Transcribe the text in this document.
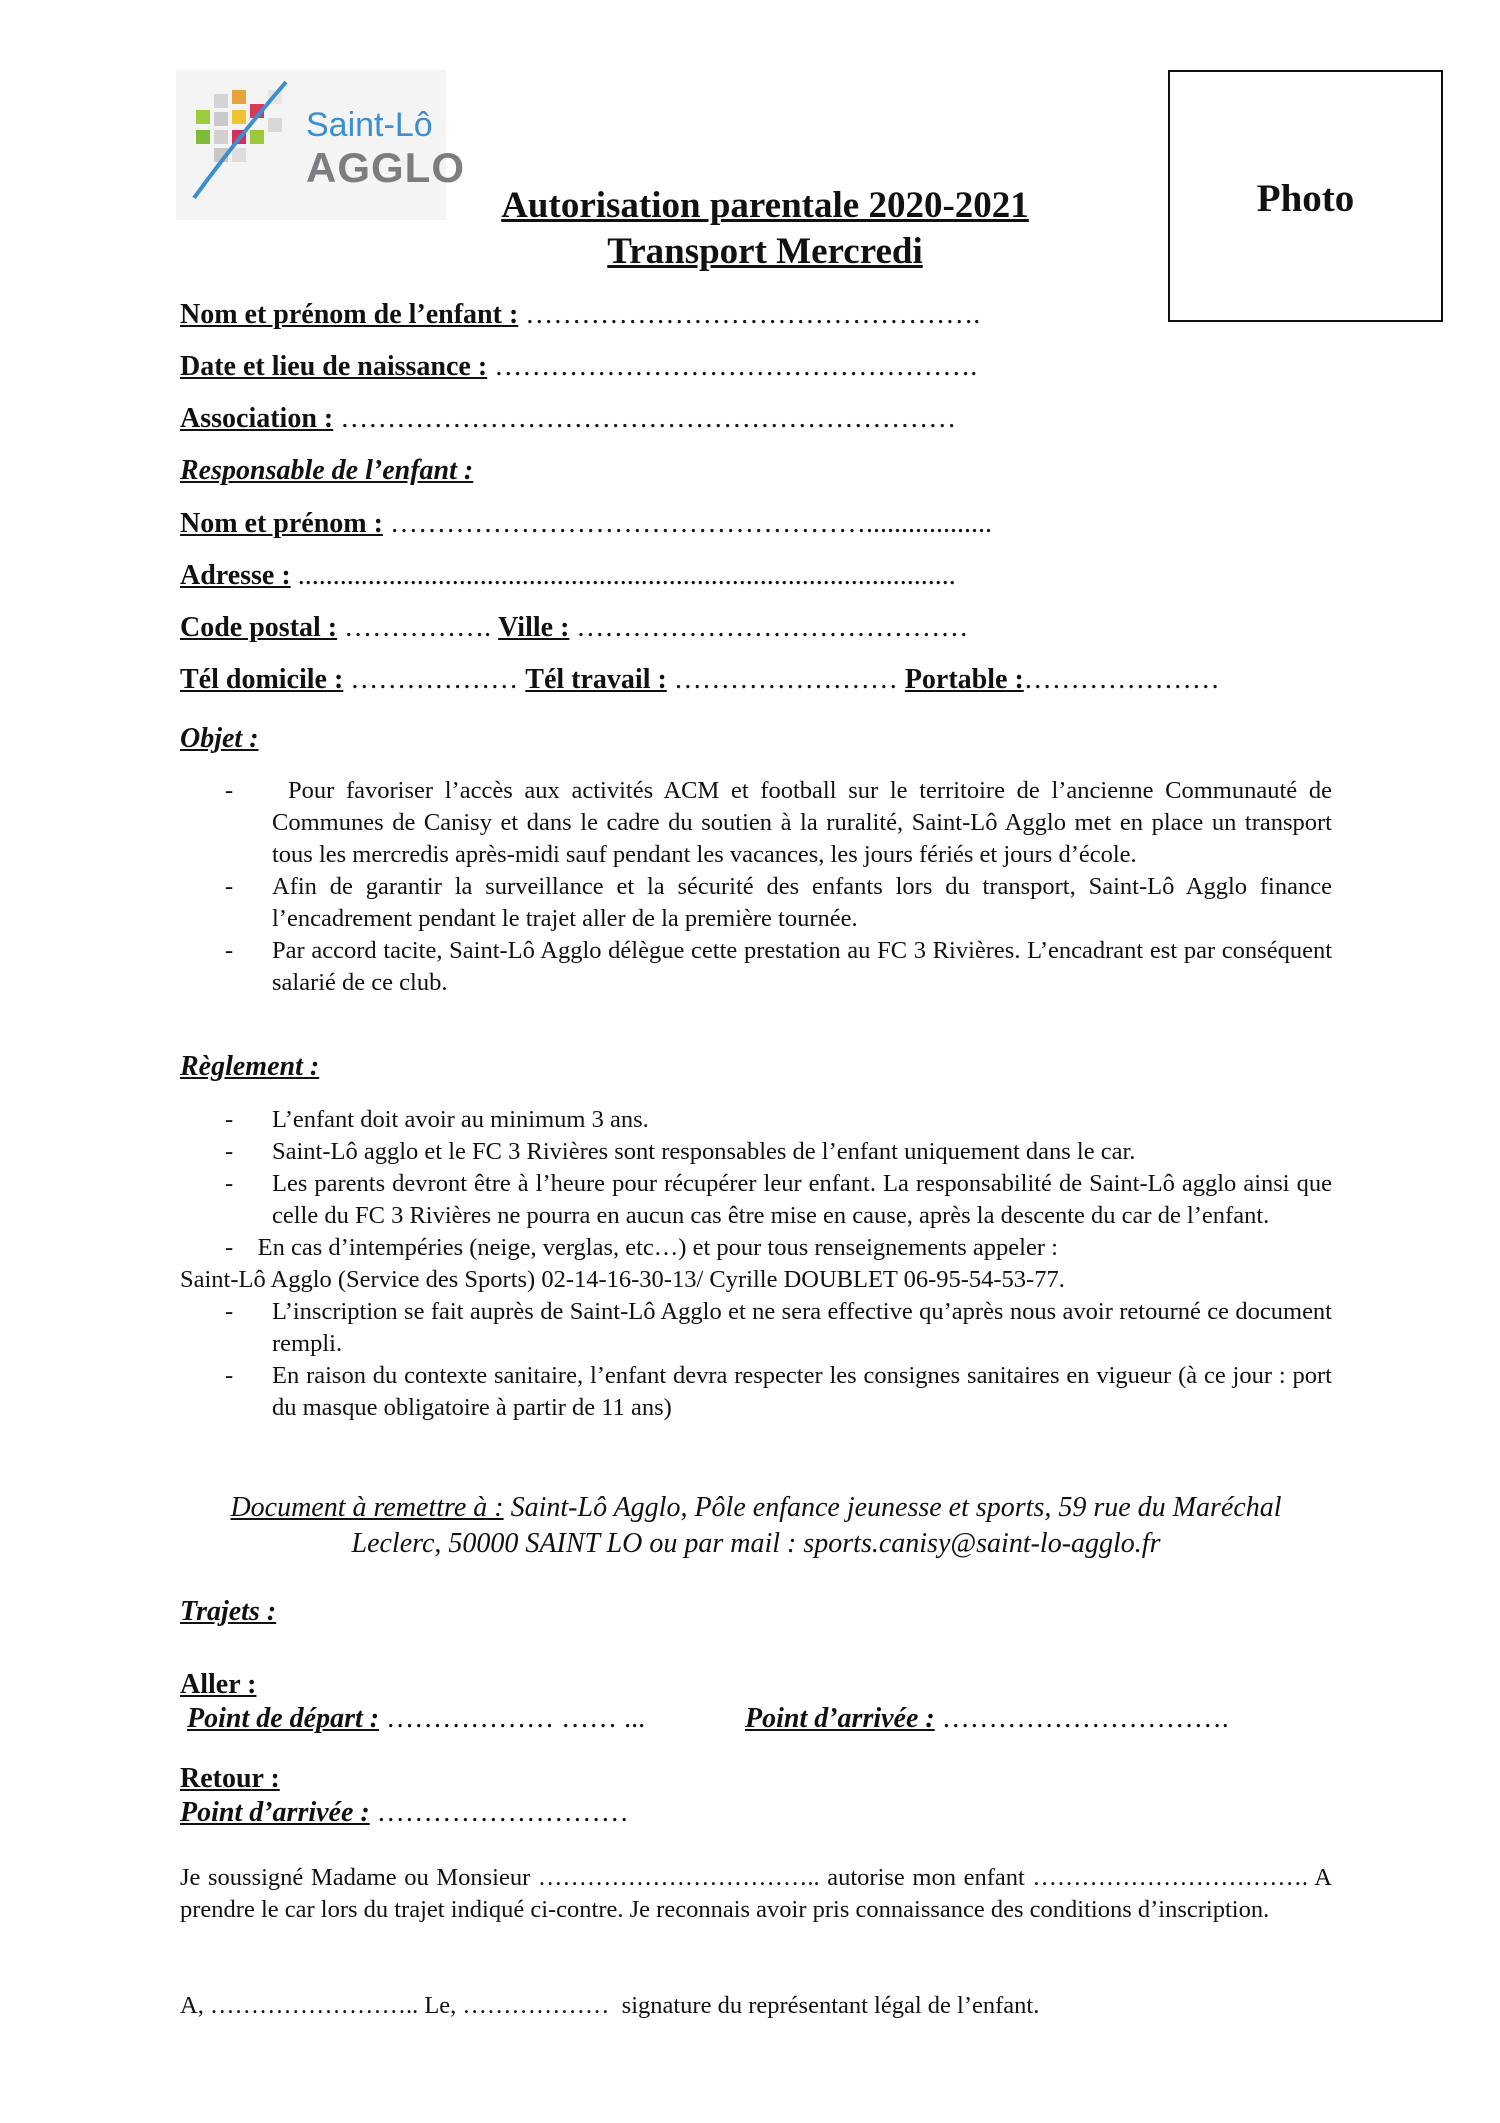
Saint-Lô
AGGLO
Photo
Autorisation parentale 2020-2021
Transport Mercredi
Nom et prénom de l’enfant : ………………………………………….
Date et lieu de naissance : …………………………………………….
Association : …………………………………………………………
Responsable de l’enfant :
Nom et prénom : ……………………………………………..................
Adresse : ..............................................................................................
Code postal : ……………. Ville : ……………………………………
Tél domicile : ……………… Tél travail : …………………… Portable :…………………
Objet :
- Pour favoriser l’accès aux activités ACM et football sur le territoire de l’ancienne Communauté de Communes de Canisy et dans le cadre du soutien à la ruralité, Saint-Lô Agglo met en place un transport tous les mercredis après-midi sauf pendant les vacances, les jours fériés et jours d’école.
- Afin de garantir la surveillance et la sécurité des enfants lors du transport, Saint-Lô Agglo finance l’encadrement pendant le trajet aller de la première tournée.
- Par accord tacite, Saint-Lô Agglo délègue cette prestation au FC 3 Rivières. L’encadrant est par conséquent salarié de ce club.
Règlement :
- L’enfant doit avoir au minimum 3 ans.
- Saint-Lô agglo et le FC 3 Rivières sont responsables de l’enfant uniquement dans le car.
- Les parents devront être à l’heure pour récupérer leur enfant. La responsabilité de Saint-Lô agglo ainsi que celle du FC 3 Rivières ne pourra en aucun cas être mise en cause, après la descente du car de l’enfant.
-    En cas d’intempéries (neige, verglas, etc…) et pour tous renseignements appeler :
Saint-Lô Agglo (Service des Sports) 02-14-16-30-13/ Cyrille DOUBLET 06-95-54-53-77.
- L’inscription se fait auprès de Saint-Lô Agglo et ne sera effective qu’après nous avoir retourné ce document rempli.
- En raison du contexte sanitaire, l’enfant devra respecter les consignes sanitaires en vigueur (à ce jour : port du masque obligatoire à partir de 11 ans)
Document à remettre à : Saint-Lô Agglo, Pôle enfance jeunesse et sports, 59 rue du Maréchal
Leclerc, 50000 SAINT LO ou par mail : sports.canisy@saint-lo-agglo.fr
Trajets :
Aller :
Point de départ : ……………… …… ...	Point d’arrivée : ………………………….
Retour :
Point d’arrivée : ………………………
Je soussigné Madame ou Monsieur …………………………….. autorise mon enfant ……………………………. A prendre le car lors du trajet indiqué ci-contre. Je reconnais avoir pris connaissance des conditions d’inscription.
A, …………………….. Le, ………………  signature du représentant légal de l’enfant.
